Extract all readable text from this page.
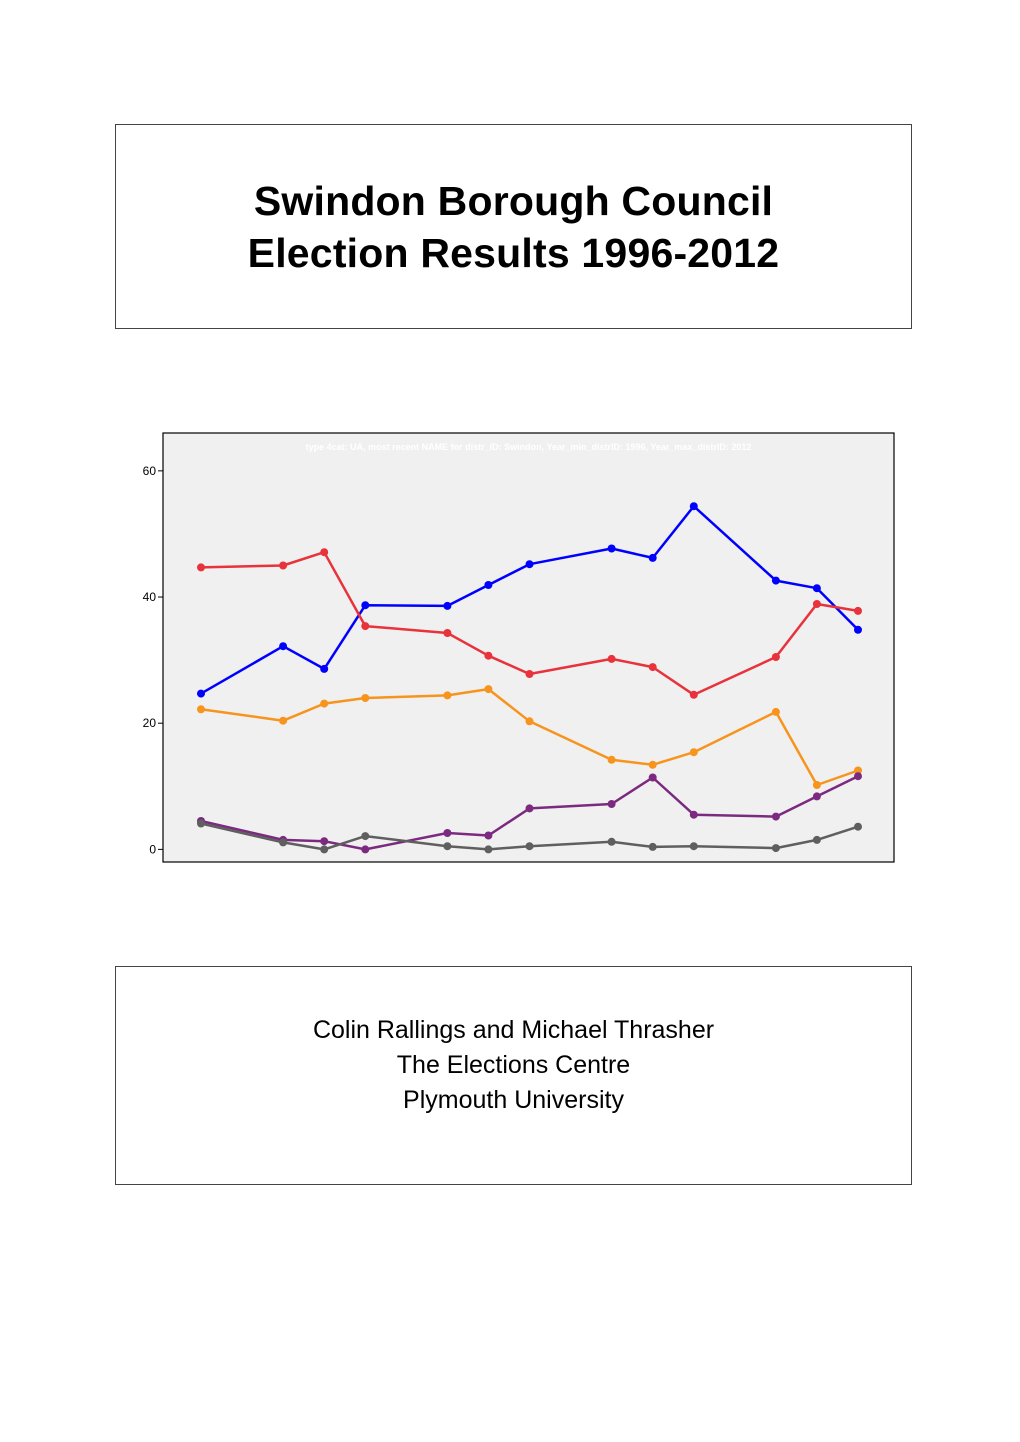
Swindon Borough Council
Election Results 1996-2012
type 4cat: UA, most recent NAME for distr_ID: Swindon, Year_min_distrID: 1996, Year_max_distrID: 2012
0
20
40
60
Colin Rallings and Michael Thrasher
The Elections Centre
Plymouth University
